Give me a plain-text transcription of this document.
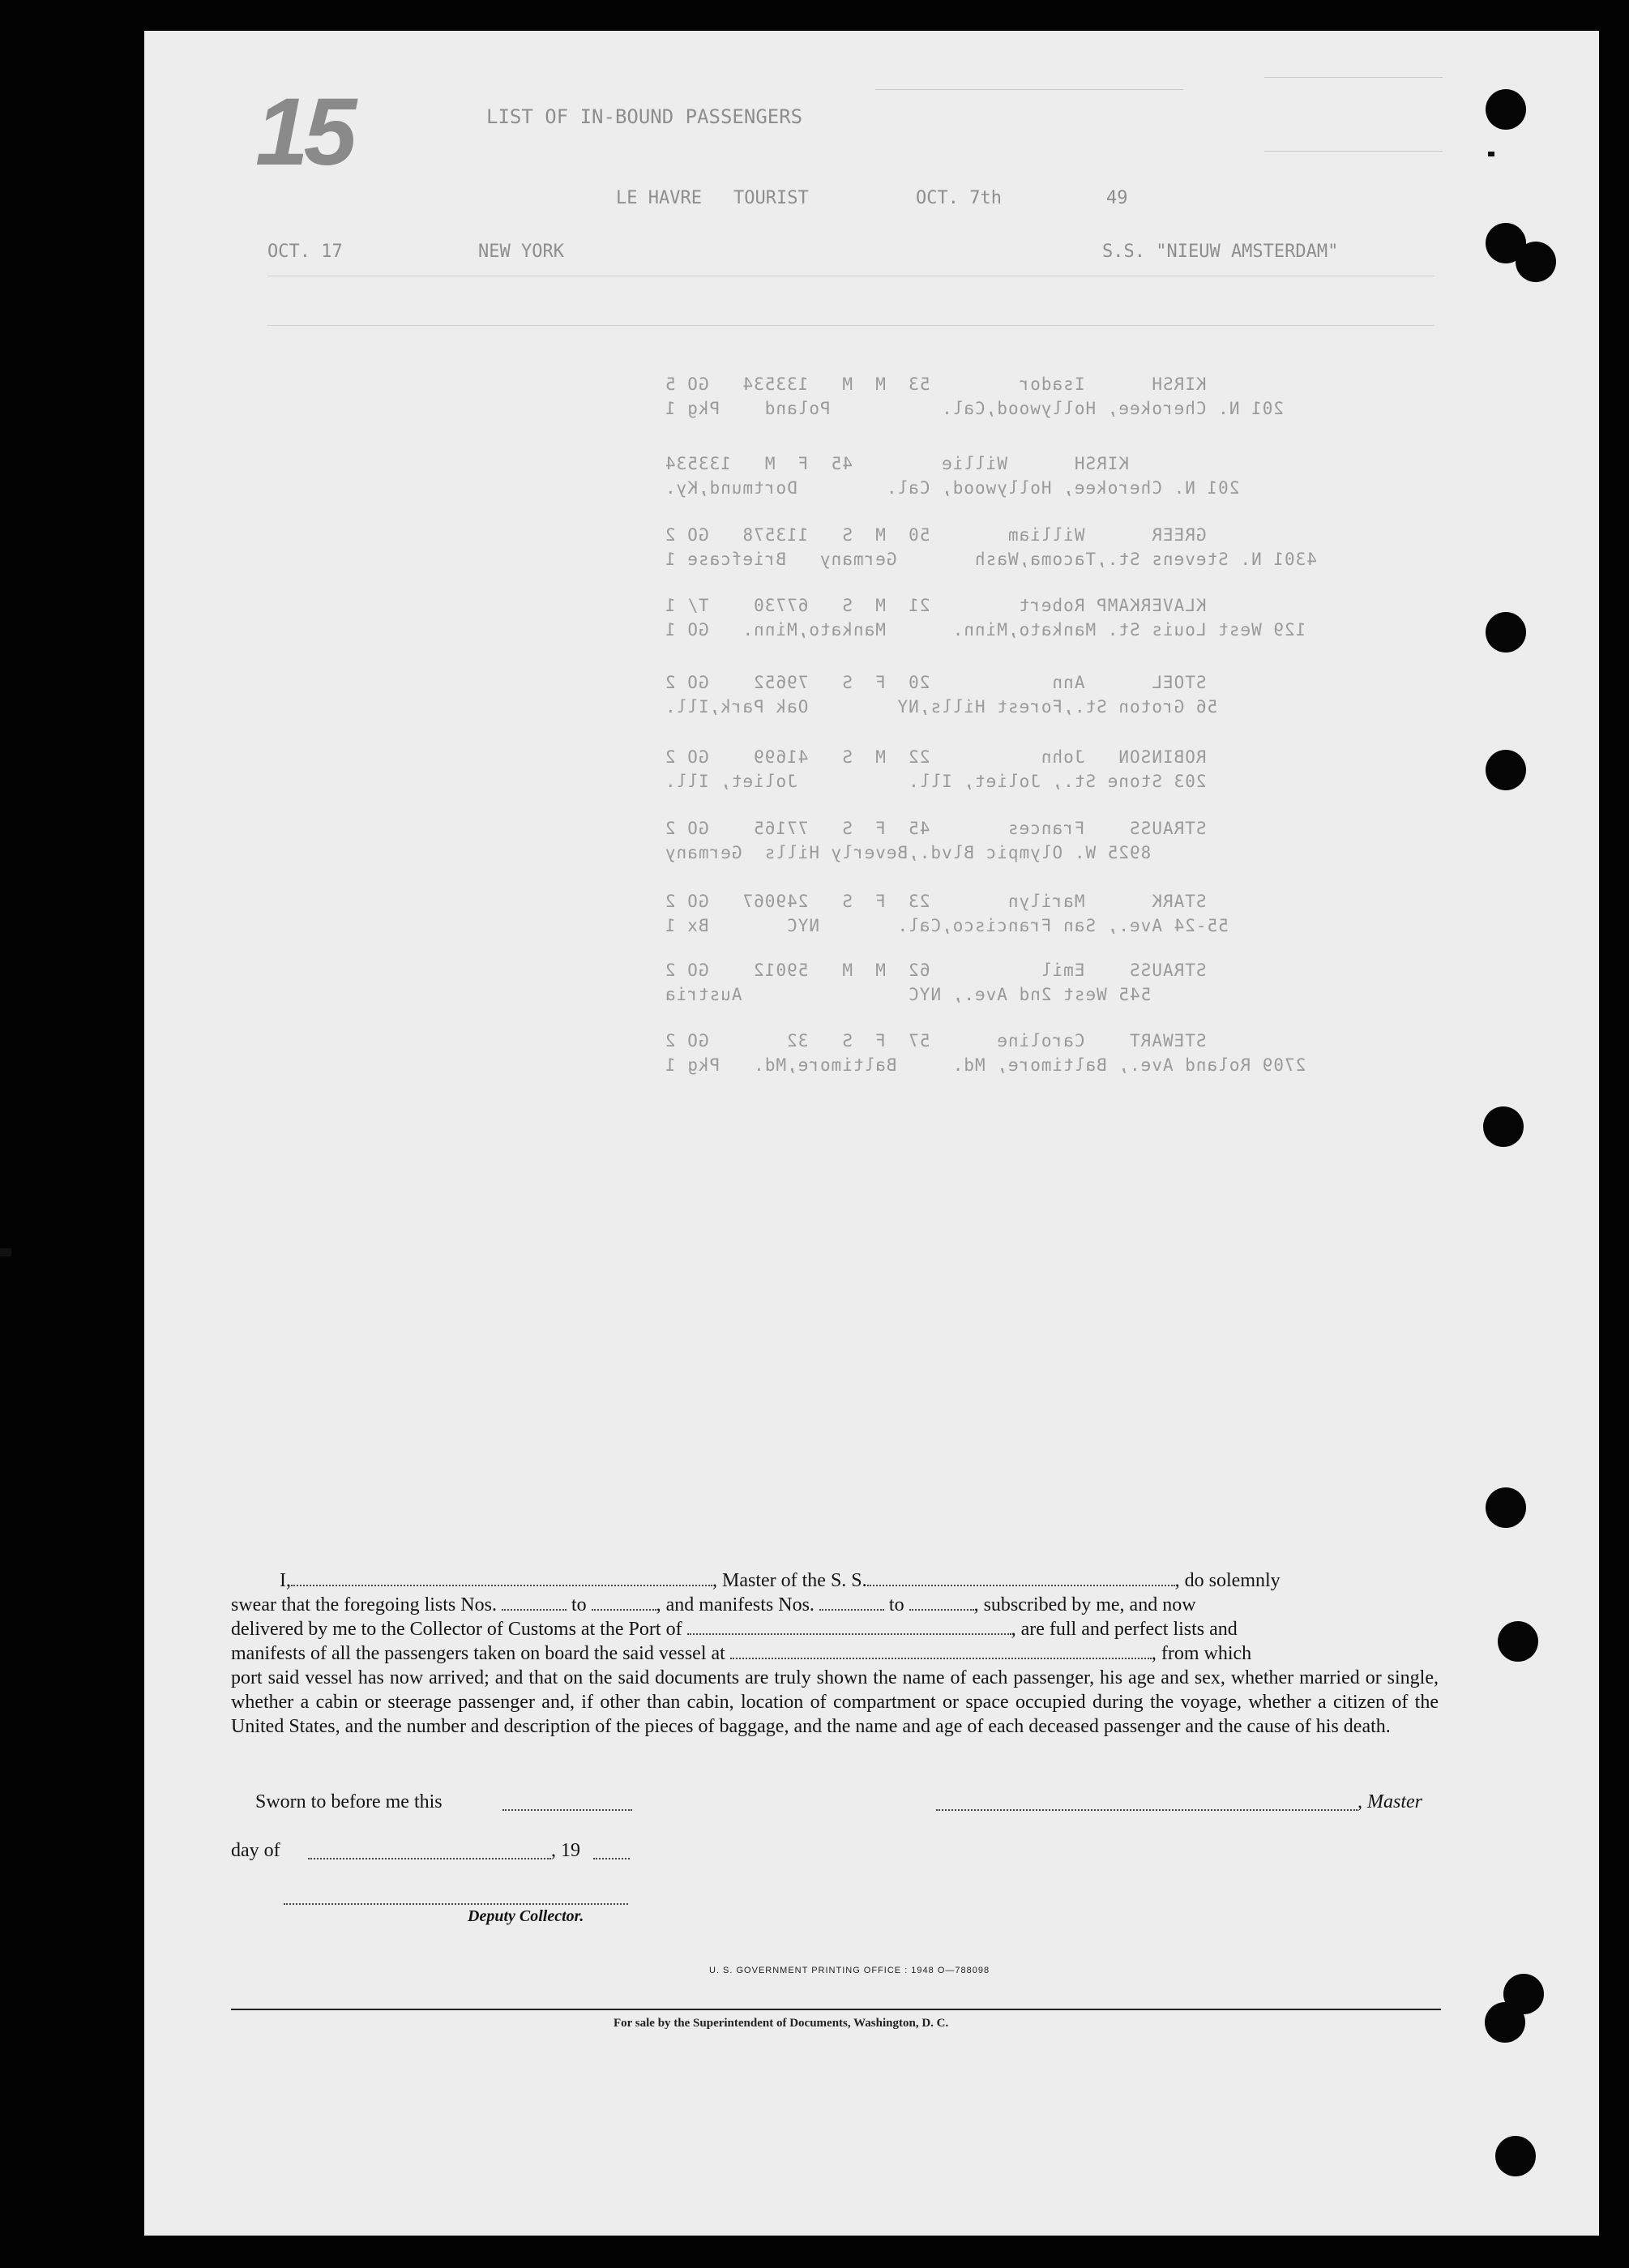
15	LIST OF IN-BOUND PASSENGERS
TOURIST
LE HAVRE	OCT. 7th	49
S.S. "NIEUW AMSTERDAM"
NEW YORK
OCT. 17
KIRSH      Isador        53  M  M   133534   GO 5
201 N. Cherokee, Hollywood,Cal.          Poland    Pkg 1
KIRSH      Willie        45  F  M   133534
201 N. Cherokee, Hollywood, Cal.        Dortmund,Ky.
GREER      William       50  M  S   113578   GO 2
4301 N. Stevens St.,Tacoma,Wash       Germany   Briefcase 1
KLAVERKAMP Robert        21  M  S   67730    T/ 1
129 West Louis St. Mankato,Minn.      Mankato,Minn.   GO 1
STOEL      Ann           20  F  S   79652    GO 2
56 Groton St.,Forest Hills,NY        Oak Park,Ill.
ROBINSON   John          22  M  S   41699    GO 2
203 Stone St., Joliet, Ill.          Joliet, Ill.
STRAUSS    Frances       45  F  S   77165    GO 2
8925 W. Olympic Blvd.,Beverly Hills  Germany
STARK      Marilyn       23  F  S   249067   GO 2
55-24 Ave., San Francisco,Cal.       NYC       Bx 1
STRAUSS    Emil          62  M  M   59012    GO 2
545 West 2nd Ave., NYC               Austria
STEWART    Caroline      57  F  S   32       GO 2
2709 Roland Ave., Baltimore, Md.     Baltimore,Md.   Pkg 1
I,	, Master of the S. S.	, do solemnly
swear that the foregoing lists Nos.	to	, and manifests Nos.	to	, subscribed by me, and now
delivered by me to the Collector of Customs at the Port of	, are full and perfect lists and
manifests of all the passengers taken on board the said vessel at	, from which
port said vessel has now arrived; and that on the said documents are truly shown the name of each passenger, his age and sex, whether married or single, whether a cabin or steerage passenger and, if other than cabin, location of compartment or space occupied during the voyage, whether a citizen of the United States, and the number and description of the pieces of baggage, and the name and age of each deceased passenger and the cause of his death.
Sworn to before me this	, Master
day of	, 19
Deputy Collector.
U. S. GOVERNMENT PRINTING OFFICE : 1948 O—788098
For sale by the Superintendent of Documents, Washington, D. C.
